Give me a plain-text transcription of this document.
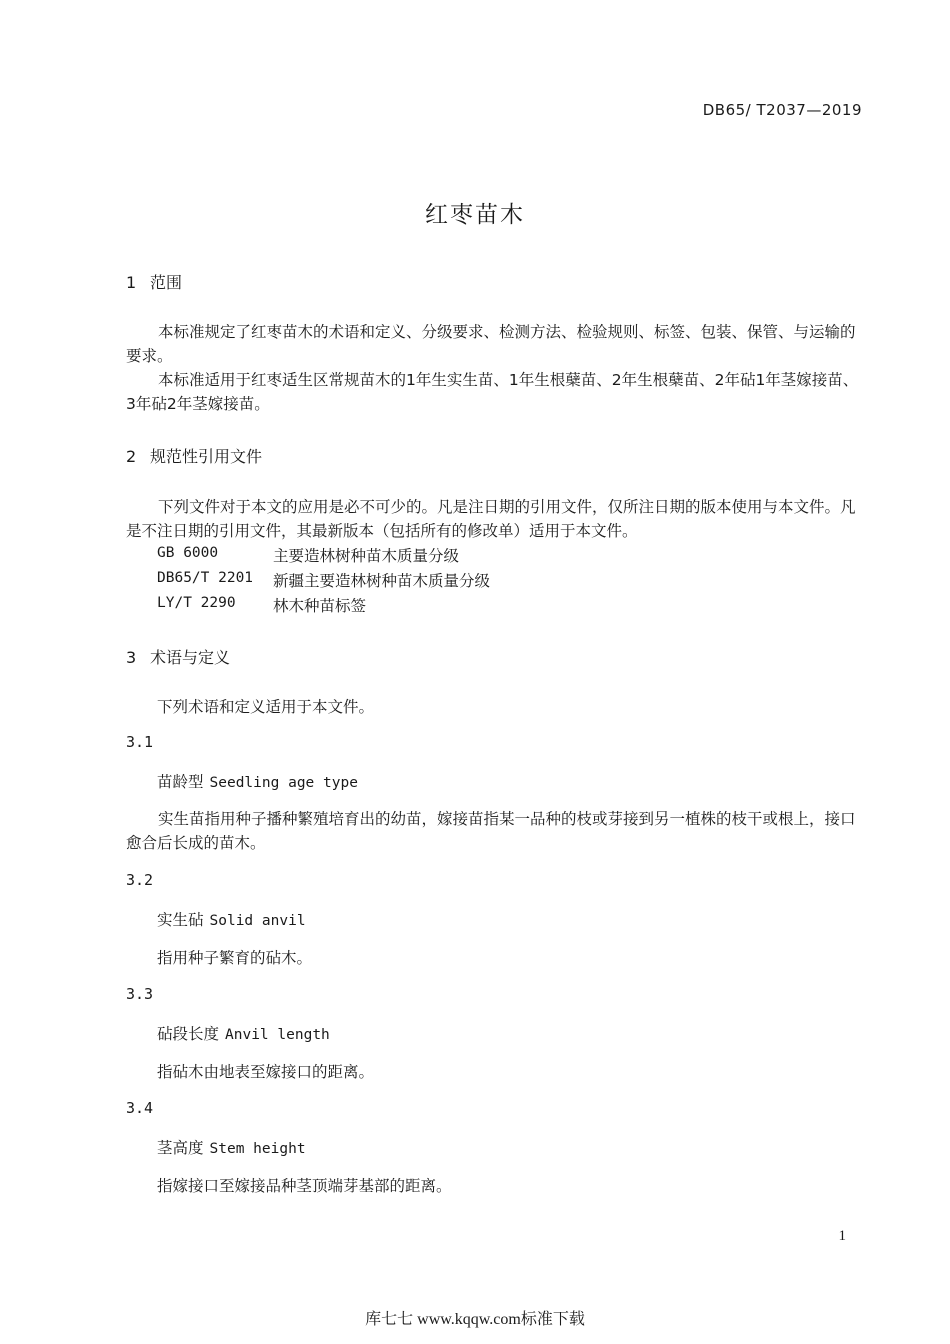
DB65/ T2037—2019
红枣苗木
1 范围
本标准规定了红枣苗木的术语和定义、分级要求、检测方法、检验规则、标签、包装、保管、与运输的要求。
本标准适用于红枣适生区常规苗木的1年生实生苗、1年生根蘖苗、2年生根蘖苗、2年砧1年茎嫁接苗、3年砧2年茎嫁接苗。
2 规范性引用文件
下列文件对于本文的应用是必不可少的。凡是注日期的引用文件，仅所注日期的版本使用与本文件。凡是不注日期的引用文件，其最新版本（包括所有的修改单）适用于本文件。
GB 6000	主要造林树种苗木质量分级
DB65/T 2201 新疆主要造林树种苗木质量分级
LY/T 2290 林木种苗标签
3 术语与定义
下列术语和定义适用于本文件。
3.1
苗龄型 Seedling age type
实生苗指用种子播种繁殖培育出的幼苗，嫁接苗指某一品种的枝或芽接到另一植株的枝干或根上，接口愈合后长成的苗木。
3.2
实生砧 Solid anvil
指用种子繁育的砧木。
3.3
砧段长度 Anvil length
指砧木由地表至嫁接口的距离。
3.4
茎高度 Stem height
指嫁接口至嫁接品种茎顶端芽基部的距离。
1
库七七 www.kqqw.com标准下载
